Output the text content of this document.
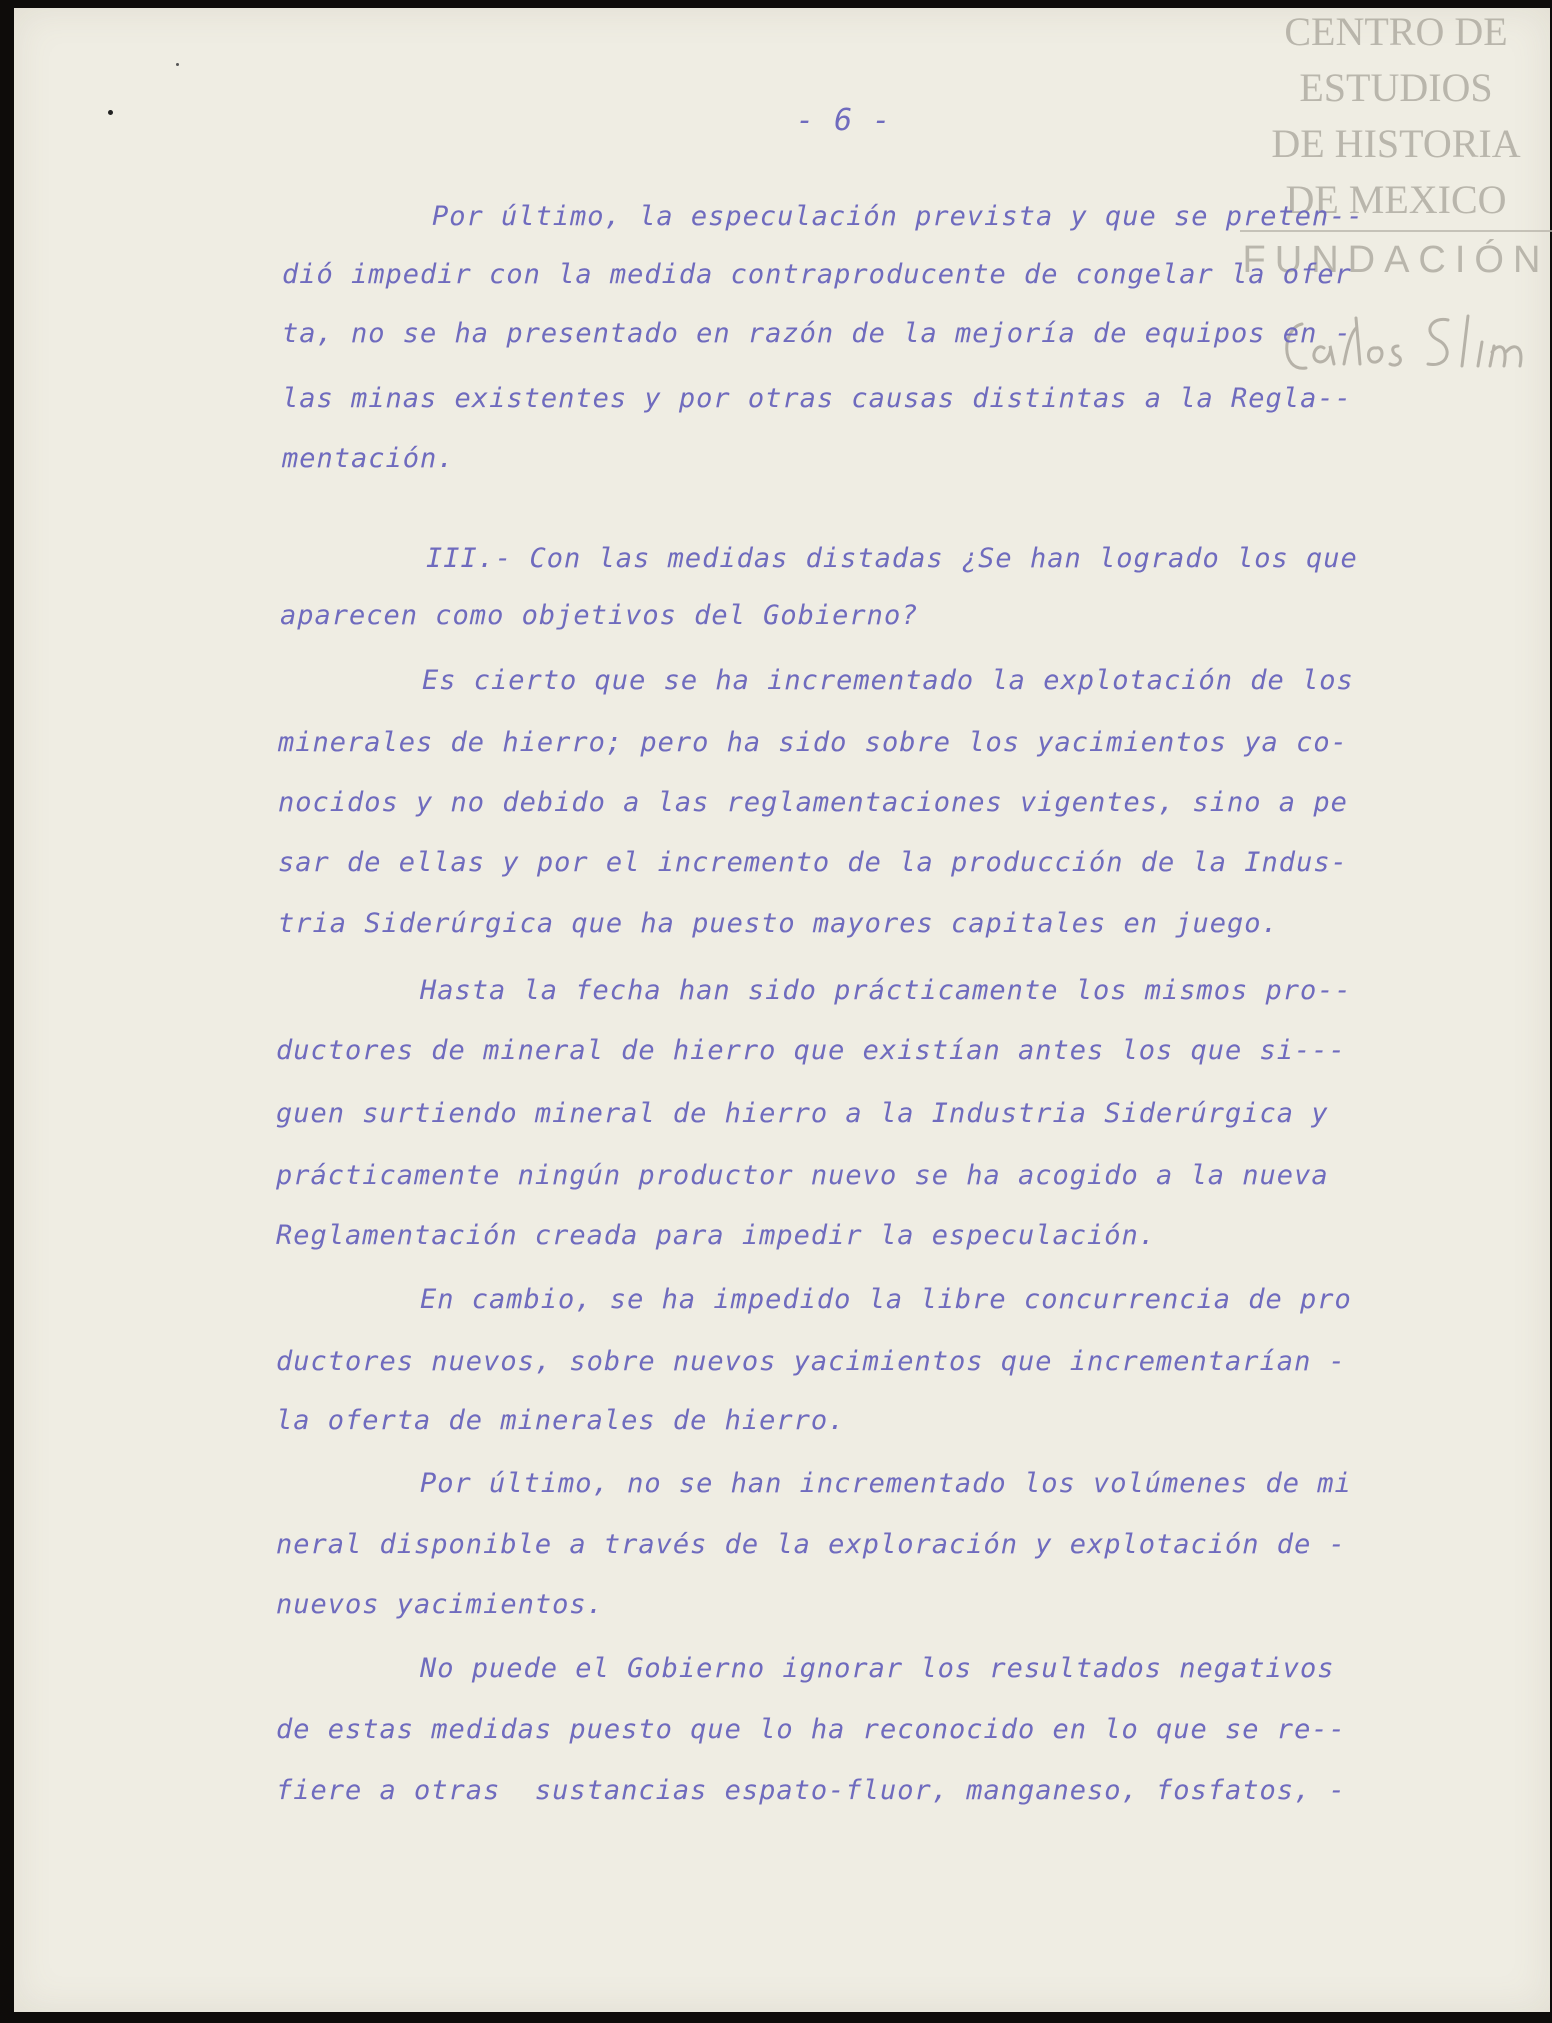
CENTRO DE
ESTUDIOS
DE HISTORIA
DE MEXICO
FUNDACIÓN
- 6 -
Por último, la especulación prevista y que se preten--
dió impedir con la medida contraproducente de congelar la ofer
ta, no se ha presentado en razón de la mejoría de equipos en -
las minas existentes y por otras causas distintas a la Regla--
mentación.
III.- Con las medidas distadas ¿Se han logrado los que
aparecen como objetivos del Gobierno?
Es cierto que se ha incrementado la explotación de los
minerales de hierro; pero ha sido sobre los yacimientos ya co-
nocidos y no debido a las reglamentaciones vigentes, sino a pe
sar de ellas y por el incremento de la producción de la Indus-
tria Siderúrgica que ha puesto mayores capitales en juego.
Hasta la fecha han sido prácticamente los mismos pro--
ductores de mineral de hierro que existían antes los que si---
guen surtiendo mineral de hierro a la Industria Siderúrgica y
prácticamente ningún productor nuevo se ha acogido a la nueva
Reglamentación creada para impedir la especulación.
En cambio, se ha impedido la libre concurrencia de pro
ductores nuevos, sobre nuevos yacimientos que incrementarían -
la oferta de minerales de hierro.
Por último, no se han incrementado los volúmenes de mi
neral disponible a través de la exploración y explotación de -
nuevos yacimientos.
No puede el Gobierno ignorar los resultados negativos
de estas medidas puesto que lo ha reconocido en lo que se re--
fiere a otras  sustancias espato-fluor, manganeso, fosfatos, -
